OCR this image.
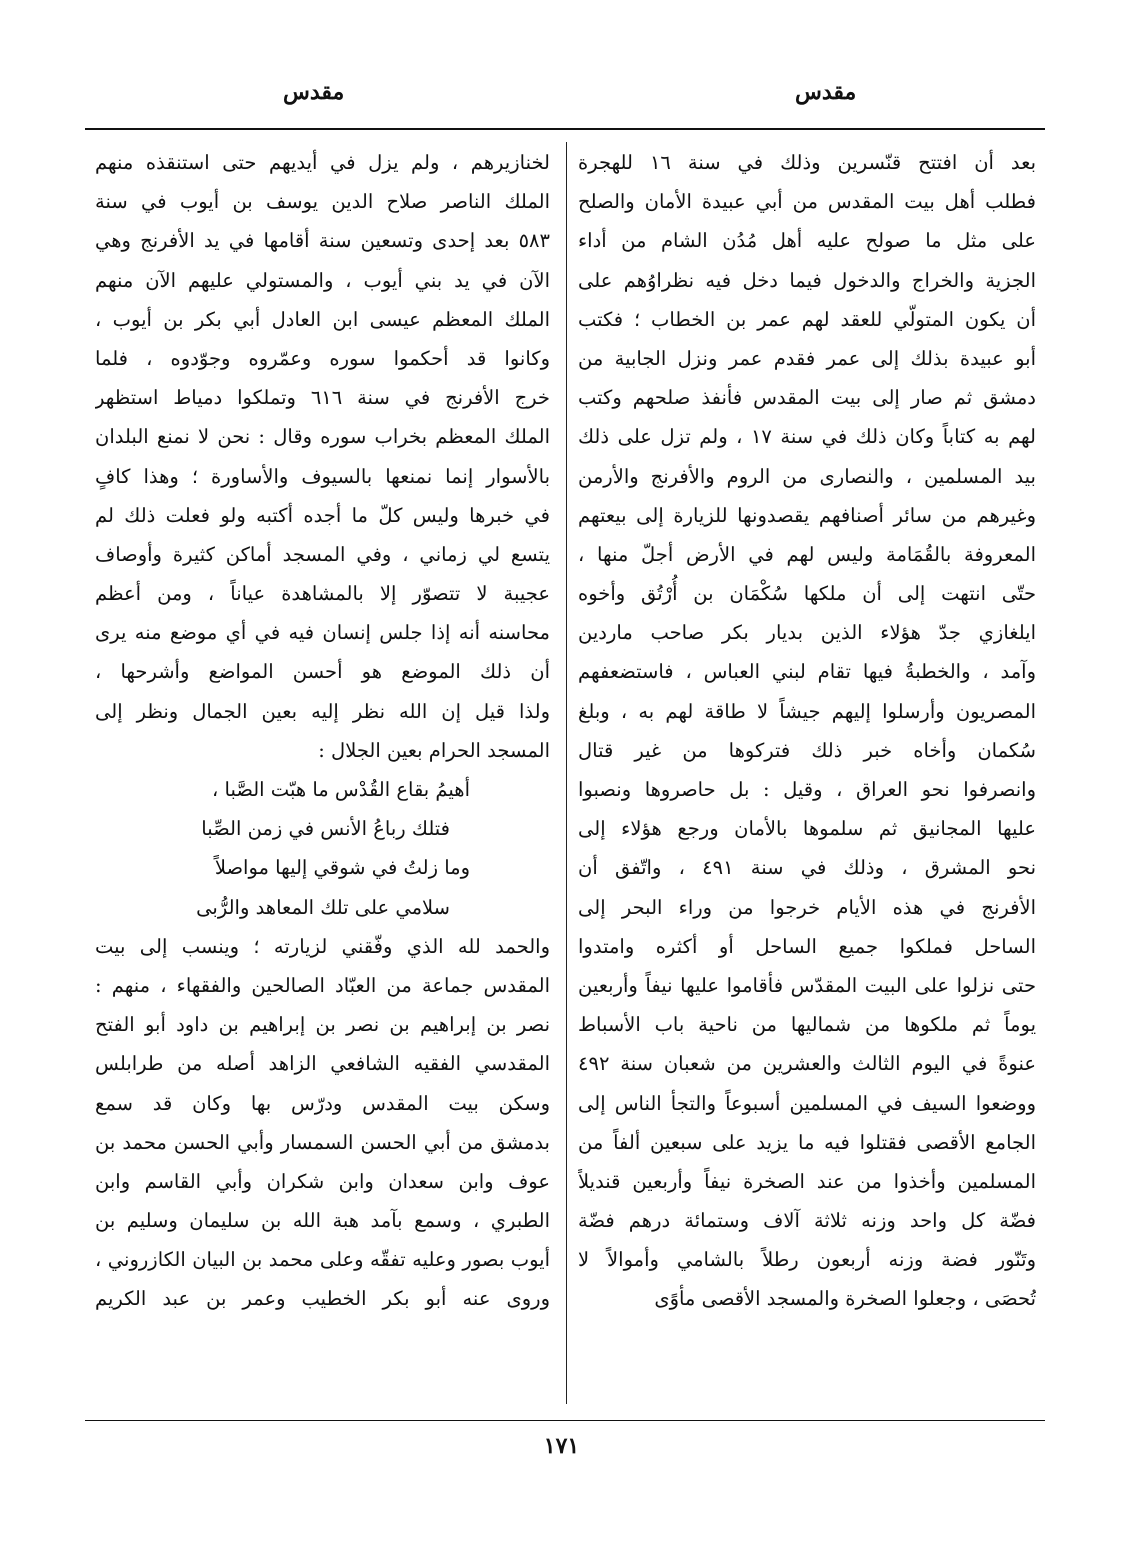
مقدس
مقدس
بعد أن افتتح قنّسرين وذلك في سنة ١٦ للهجرة
فطلب أهل بيت المقدس من أبي عبيدة الأمان والصلح
على مثل ما صولح عليه أهل مُدُن الشام من أداء
الجزية والخراج والدخول فيما دخل فيه نظراوُهم على
أن يكون المتولّي للعقد لهم عمر بن الخطاب ؛ فكتب
أبو عبيدة بذلك إلى عمر فقدم عمر ونزل الجابية من
دمشق ثم صار إلى بيت المقدس فأنفذ صلحهم وكتب
لهم به كتاباً وكان ذلك في سنة ١٧ ، ولم تزل على ذلك
بيد المسلمين ، والنصارى من الروم والأفرنج والأرمن
وغيرهم من سائر أصنافهم يقصدونها للزيارة إلى بيعتهم
المعروفة بالقُمَامة وليس لهم في الأرض أجلّ منها ،
حتّى انتهت إلى أن ملكها سُكْمَان بن أُرْتُق وأخوه
ايلغازي جدّ هؤلاء الذين بديار بكر صاحب ماردين
وآمد ، والخطبةُ فيها تقام لبني العباس ، فاستضعفهم
المصريون وأرسلوا إليهم جيشاً لا طاقة لهم به ، وبلغ
سُكمان وأخاه خبر ذلك فتركوها من غير قتال
وانصرفوا نحو العراق ، وقيل : بل حاصروها ونصبوا
عليها المجانيق ثم سلموها بالأمان ورجع هؤلاء إلى
نحو المشرق ، وذلك في سنة ٤٩١ ، واتّفق أن
الأفرنج في هذه الأيام خرجوا من وراء البحر إلى
الساحل فملكوا جميع الساحل أو أكثره وامتدوا
حتى نزلوا على البيت المقدّس فأقاموا عليها نيفاً وأربعين
يوماً ثم ملكوها من شماليها من ناحية باب الأسباط
عنوةً في اليوم الثالث والعشرين من شعبان سنة ٤٩٢
ووضعوا السيف في المسلمين أسبوعاً والتجأ الناس إلى
الجامع الأقصى فقتلوا فيه ما يزيد على سبعين ألفاً من
المسلمين وأخذوا من عند الصخرة نيفاً وأربعين قنديلاً
فضّة كل واحد وزنه ثلاثة آلاف وستمائة درهم فضّة
وتَنّور فضة وزنه أربعون رطلاً بالشامي وأموالاً لا
تُحصَى ، وجعلوا الصخرة والمسجد الأقصى مأوًى
لخنازيرهم ، ولم يزل في أيديهم حتى استنقذه منهم
الملك الناصر صلاح الدين يوسف بن أيوب في سنة
٥٨٣ بعد إحدى وتسعين سنة أقامها في يد الأفرنج وهي
الآن في يد بني أيوب ، والمستولي عليهم الآن منهم
الملك المعظم عيسى ابن العادل أبي بكر بن أيوب ،
وكانوا قد أحكموا سوره وعمّروه وجوّدوه ، فلما
خرج الأفرنج في سنة ٦١٦ وتملكوا دمياط استظهر
الملك المعظم بخراب سوره وقال : نحن لا نمنع البلدان
بالأسوار إنما نمنعها بالسيوف والأساورة ؛ وهذا كافٍ
في خبرها وليس كلّ ما أجده أكتبه ولو فعلت ذلك لم
يتسع لي زماني ، وفي المسجد أماكن كثيرة وأوصاف
عجيبة لا تتصوّر إلا بالمشاهدة عياناً ، ومن أعظم
محاسنه أنه إذا جلس إنسان فيه في أي موضع منه يرى
أن ذلك الموضع هو أحسن المواضع وأشرحها ،
ولذا قيل إن الله نظر إليه بعين الجمال ونظر إلى
المسجد الحرام بعين الجلال :
أهيمُ بقاع القُدْس ما هبّت الصَّبا ،
فتلك رباعُ الأنس في زمن الصِّبا
وما زلتُ في شوقي إليها مواصلاً
سلامي على تلك المعاهد والرُّبى
والحمد لله الذي وفّقني لزيارته ؛ وينسب إلى بيت
المقدس جماعة من العبّاد الصالحين والفقهاء ، منهم :
نصر بن إبراهيم بن نصر بن إبراهيم بن داود أبو الفتح
المقدسي الفقيه الشافعي الزاهد أصله من طرابلس
وسكن بيت المقدس ودرّس بها وكان قد سمع
بدمشق من أبي الحسن السمسار وأبي الحسن محمد بن
عوف وابن سعدان وابن شكران وأبي القاسم وابن
الطبري ، وسمع بآمد هبة الله بن سليمان وسليم بن
أيوب بصور وعليه تفقّه وعلى محمد بن البيان الكازروني ،
وروى عنه أبو بكر الخطيب وعمر بن عبد الكريم
١٧١
